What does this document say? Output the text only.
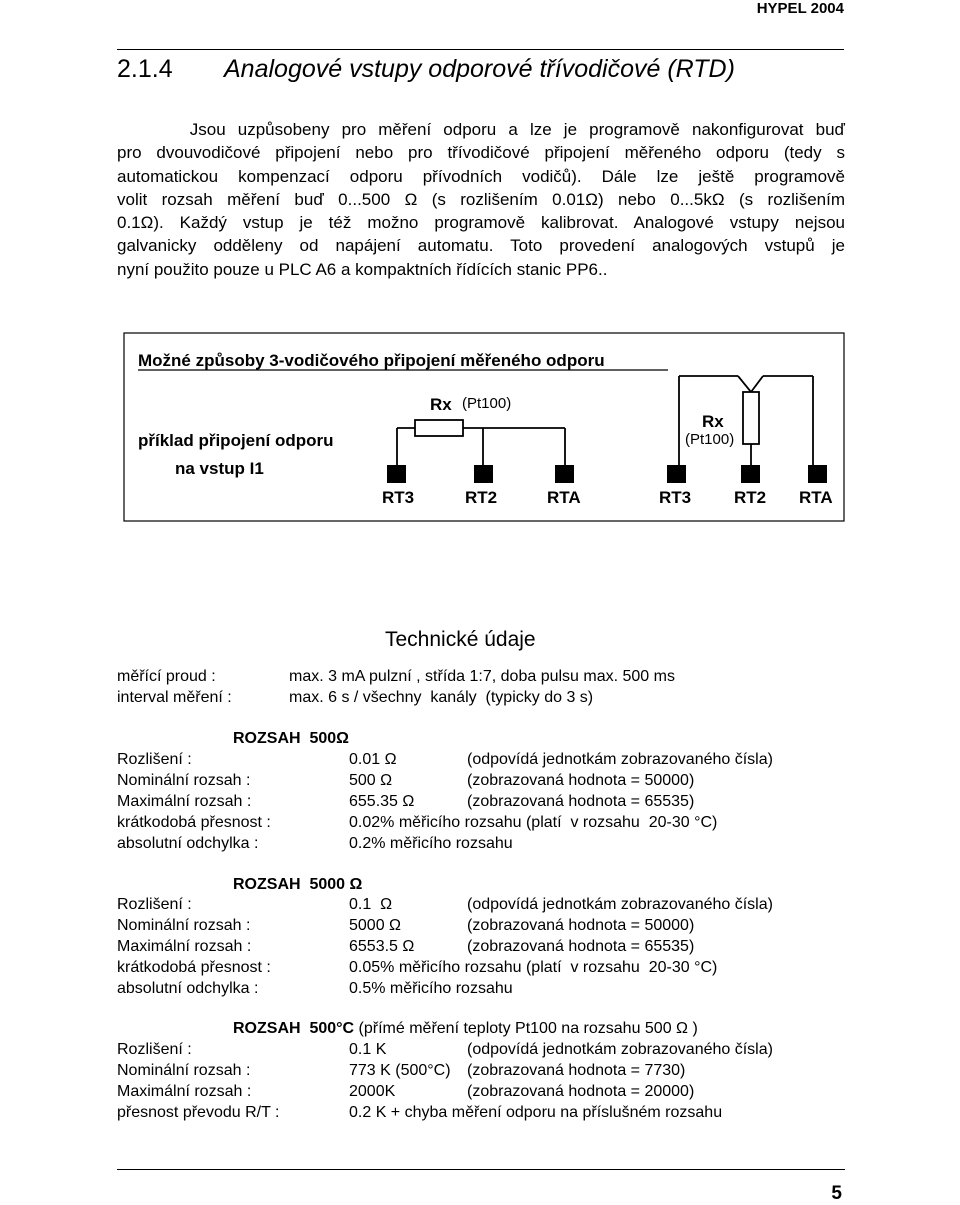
HYPEL 2004
2.1.4 Analogové vstupy odporové třívodičové (RTD)
Jsou uzpůsobeny pro měření odporu a lze je programově nakonfigurovat buď
pro dvouvodičové připojení nebo pro třívodičové připojení měřeného odporu (tedy s
automatickou kompenzací odporu přívodních vodičů). Dále lze ještě programově
volit rozsah měření buď 0...500 Ω (s rozlišením 0.01Ω) nebo 0...5kΩ (s rozlišením
0.1Ω). Každý vstup je též možno programově kalibrovat. Analogové vstupy nejsou
galvanicky odděleny od napájení automatu. Toto provedení analogových vstupů je
nyní použito pouze u PLC A6 a kompaktních řídících stanic PP6..
Možné způsoby 3-vodičového připojení měřeného odporu
příklad připojení odporu
na vstup I1
Rx (Pt100)
Rx
(Pt100)
RT3	RT2	RTA	RT3	RT2 RTA
Technické údaje
měřící proud :	max. 3 mA pulzní , střída 1:7, doba pulsu max. 500 ms
interval měření :	max. 6 s / všechny  kanály  (typicky do 3 s)
ROZSAH  500Ω
Rozlišení :	0.01 Ω	(odpovídá jednotkám zobrazovaného čísla)
Nominální rozsah :	500 Ω	(zobrazovaná hodnota = 50000)
Maximální rozsah :	655.35 Ω	(zobrazovaná hodnota = 65535)
krátkodobá přesnost :	0.02% měřicího rozsahu (platí  v rozsahu  20-30 °C)
absolutní odchylka :	0.2% měřicího rozsahu
ROZSAH  5000 Ω
Rozlišení :	0.1  Ω	(odpovídá jednotkám zobrazovaného čísla)
Nominální rozsah :	5000 Ω	(zobrazovaná hodnota = 50000)
Maximální rozsah :	6553.5 Ω	(zobrazovaná hodnota = 65535)
krátkodobá přesnost :	0.05% měřicího rozsahu (platí  v rozsahu  20-30 °C)
absolutní odchylka :	0.5% měřicího rozsahu
ROZSAH  500°C (přímé měření teploty Pt100 na rozsahu 500 Ω )
Rozlišení :	0.1 K	(odpovídá jednotkám zobrazovaného čísla)
Nominální rozsah :	773 K (500°C) (zobrazovaná hodnota = 7730)
Maximální rozsah :	2000K	(zobrazovaná hodnota = 20000)
přesnost převodu R/T :	0.2 K + chyba měření odporu na příslušném rozsahu
5
